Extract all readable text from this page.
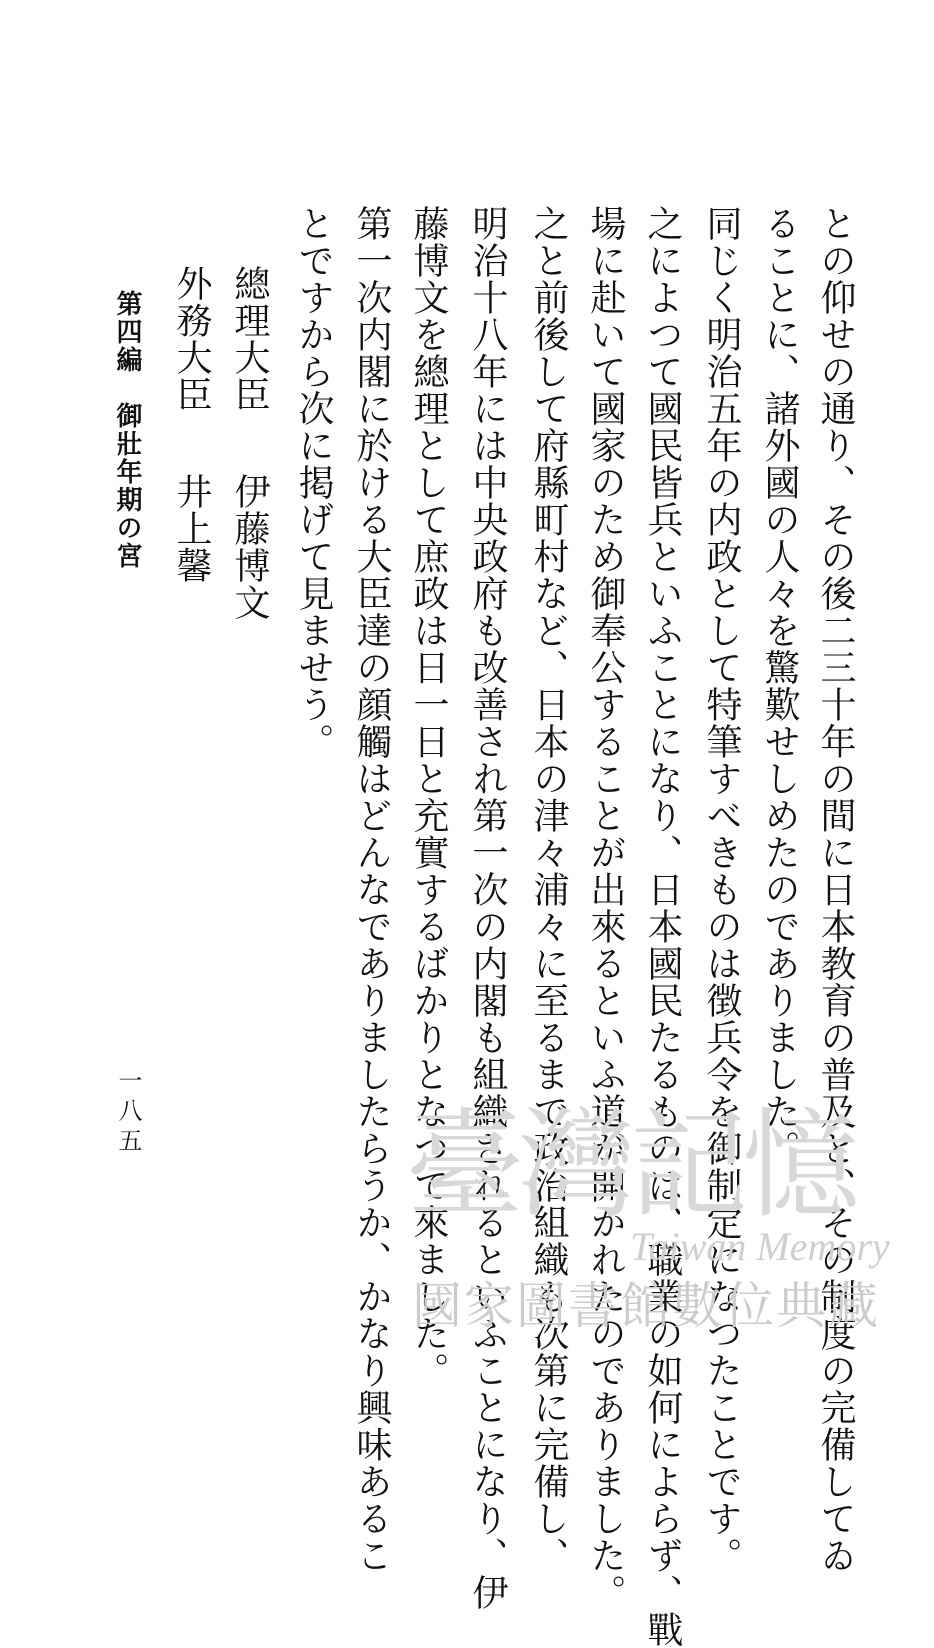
との仰せの通り、その後二三十年の間に日本教育の普及と、その制度の完備してゐ
ることに、諸外國の人々を驚歎せしめたのでありました。
同じく明治五年の内政として特筆すべきものは徴兵令を御制定になつたことです。
之によつて國民皆兵といふことになり、日本國民たるものは、職業の如何によらず、戰
場に赴いて國家のため御奉公することが出來るといふ道が開かれたのでありました。
之と前後して府縣町村など、日本の津々浦々に至るまで政治組織も次第に完備し、
明治十八年には中央政府も改善され第一次の内閣も組織されるといふことになり、伊
藤博文を總理として庶政は日一日と充實するばかりとなつて來ました。
第一次内閣に於ける大臣達の顔觸はどんなでありましたらうか、かなり興味あるこ
とですから次に掲げて見ませう。
總理大臣伊藤博文
外務大臣井上馨
第四編　御壯年期の宮
一八五 臺灣記憶
Taiwan Memory
國家圖書館數位典藏
